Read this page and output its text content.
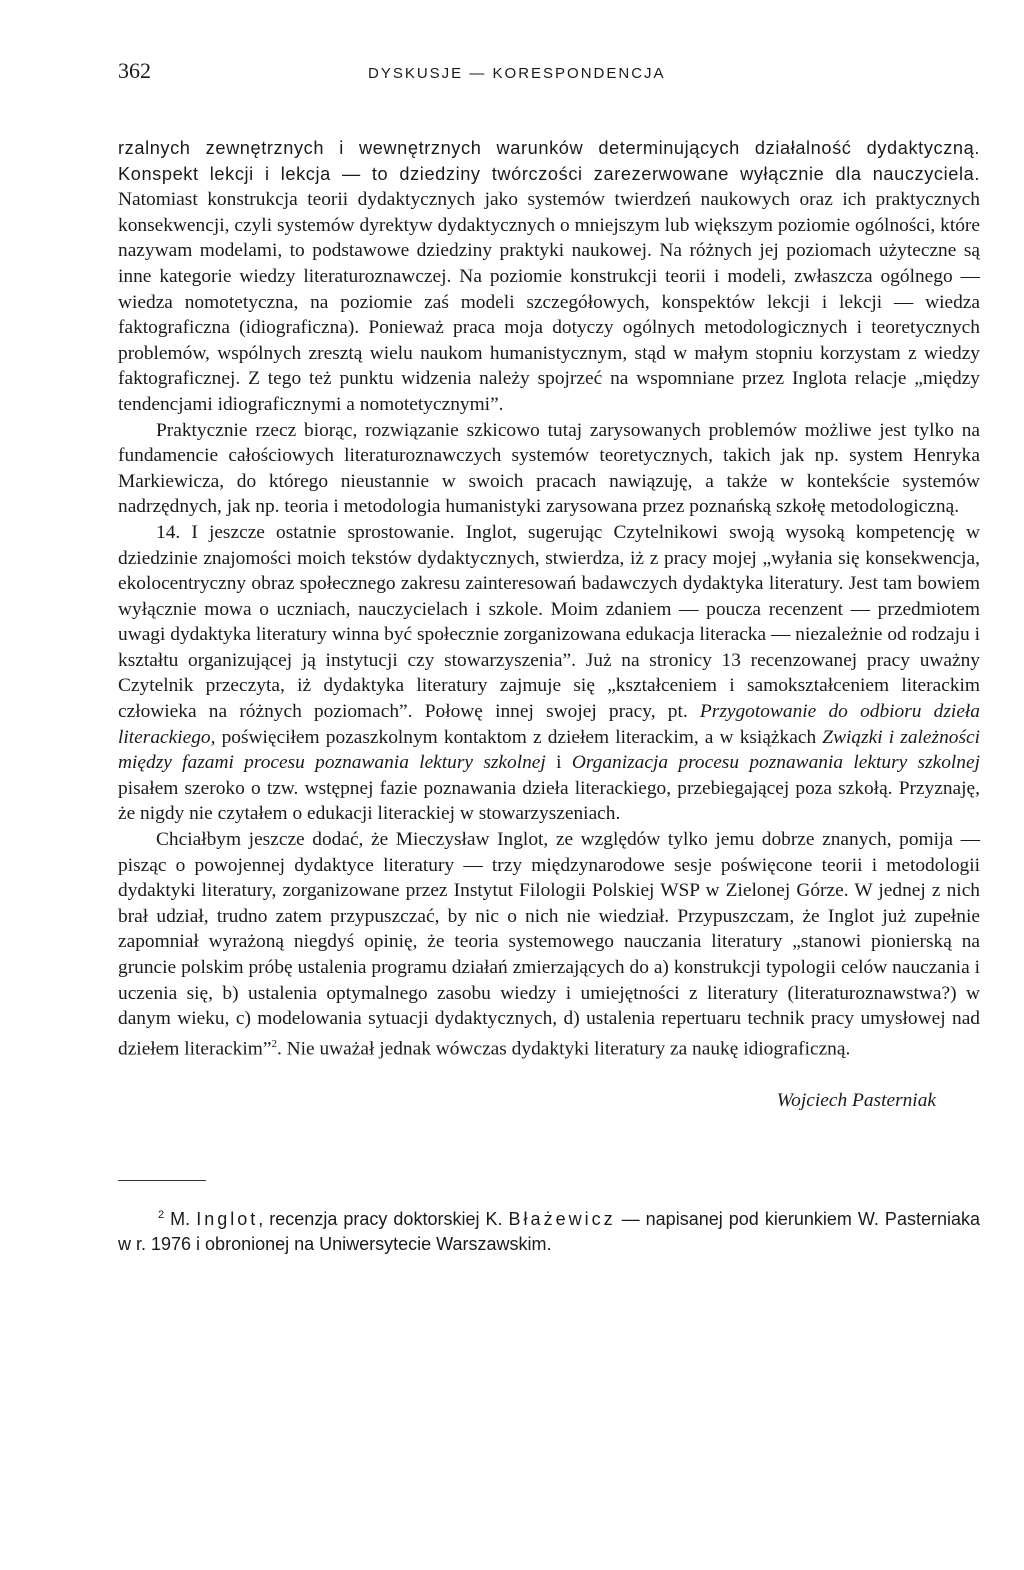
362	DYSKUSJE — KORESPONDENCJA

rzalnych zewnętrznych i wewnętrznych warunków determinujących działalność dydaktyczną. Konspekt lekcji i lekcja — to dziedziny twórczości zarezerwowane wyłącznie dla nauczyciela. Natomiast konstrukcja teorii dydaktycznych jako systemów twierdzeń naukowych oraz ich praktycznych konsekwencji, czyli systemów dyrektyw dydaktycznych o mniejszym lub większym poziomie ogólności, które nazywam modelami, to podstawowe dziedziny praktyki naukowej. Na różnych jej poziomach użyteczne są inne kategorie wiedzy literaturoznawczej. Na poziomie konstrukcji teorii i modeli, zwłaszcza ogólnego — wiedza nomotetyczna, na poziomie zaś modeli szczegółowych, konspektów lekcji i lekcji — wiedza faktograficzna (idiograficzna). Ponieważ praca moja dotyczy ogólnych metodologicznych i teoretycznych problemów, wspólnych zresztą wielu naukom humanistycznym, stąd w małym stopniu korzystam z wiedzy faktograficznej. Z tego też punktu widzenia należy spojrzeć na wspomniane przez Inglota relacje „między tendencjami idiograficznymi a nomotetycznymi”.

Praktycznie rzecz biorąc, rozwiązanie szkicowo tutaj zarysowanych problemów możliwe jest tylko na fundamencie całościowych literaturoznawczych systemów teoretycznych, takich jak np. system Henryka Markiewicza, do którego nieustannie w swoich pracach nawiązuję, a także w kontekście systemów nadrzędnych, jak np. teoria i metodologia humanistyki zarysowana przez poznańską szkołę metodologiczną.

14. I jeszcze ostatnie sprostowanie. Inglot, sugerując Czytelnikowi swoją wysoką kompetencję w dziedzinie znajomości moich tekstów dydaktycznych, stwierdza, iż z pracy mojej „wyłania się konsekwencja, ekolocentryczny obraz społecznego zakresu zainteresowań badawczych dydaktyka literatury. Jest tam bowiem wyłącznie mowa o uczniach, nauczycielach i szkole. Moim zdaniem — poucza recenzent — przedmiotem uwagi dydaktyka literatury winna być społecznie zorganizowana edukacja literacka — niezależnie od rodzaju i kształtu organizującej ją instytucji czy stowarzyszenia”. Już na stronicy 13 recenzowanej pracy uważny Czytelnik przeczyta, iż dydaktyka literatury zajmuje się „kształceniem i samokształceniem literackim człowieka na różnych poziomach”. Połowę innej swojej pracy, pt. Przygotowanie do odbioru dzieła literackiego, poświęciłem pozaszkolnym kontaktom z dziełem literackim, a w książkach Związki i zależności między fazami procesu poznawania lektury szkolnej i Organizacja procesu poznawania lektury szkolnej pisałem szeroko o tzw. wstępnej fazie poznawania dzieła literackiego, przebiegającej poza szkołą. Przyznaję, że nigdy nie czytałem o edukacji literackiej w stowarzyszeniach.

Chciałbym jeszcze dodać, że Mieczysław Inglot, ze względów tylko jemu dobrze znanych, pomija — pisząc o powojennej dydaktyce literatury — trzy międzynarodowe sesje poświęcone teorii i metodologii dydaktyki literatury, zorganizowane przez Instytut Filologii Polskiej WSP w Zielonej Górze. W jednej z nich brał udział, trudno zatem przypuszczać, by nic o nich nie wiedział. Przypuszczam, że Inglot już zupełnie zapomniał wyrażoną niegdyś opinię, że teoria systemowego nauczania literatury „stanowi pionierską na gruncie polskim próbę ustalenia programu działań zmierzających do a) konstrukcji typologii celów nauczania i uczenia się, b) ustalenia optymalnego zasobu wiedzy i umiejętności z literatury (literaturoznawstwa?) w danym wieku, c) modelowania sytuacji dydaktycznych, d) ustalenia repertuaru technik pracy umysłowej nad dziełem literackim”$^2$. Nie uważał jednak wówczas dydaktyki literatury za naukę idiograficzną.

Wojciech Pasterniak
$^2$ M. Inglot, recenzja pracy doktorskiej K. Błażewicz — napisanej pod kierunkiem W. Pasterniaka w r. 1976 i obronionej na Uniwersytecie Warszawskim.
